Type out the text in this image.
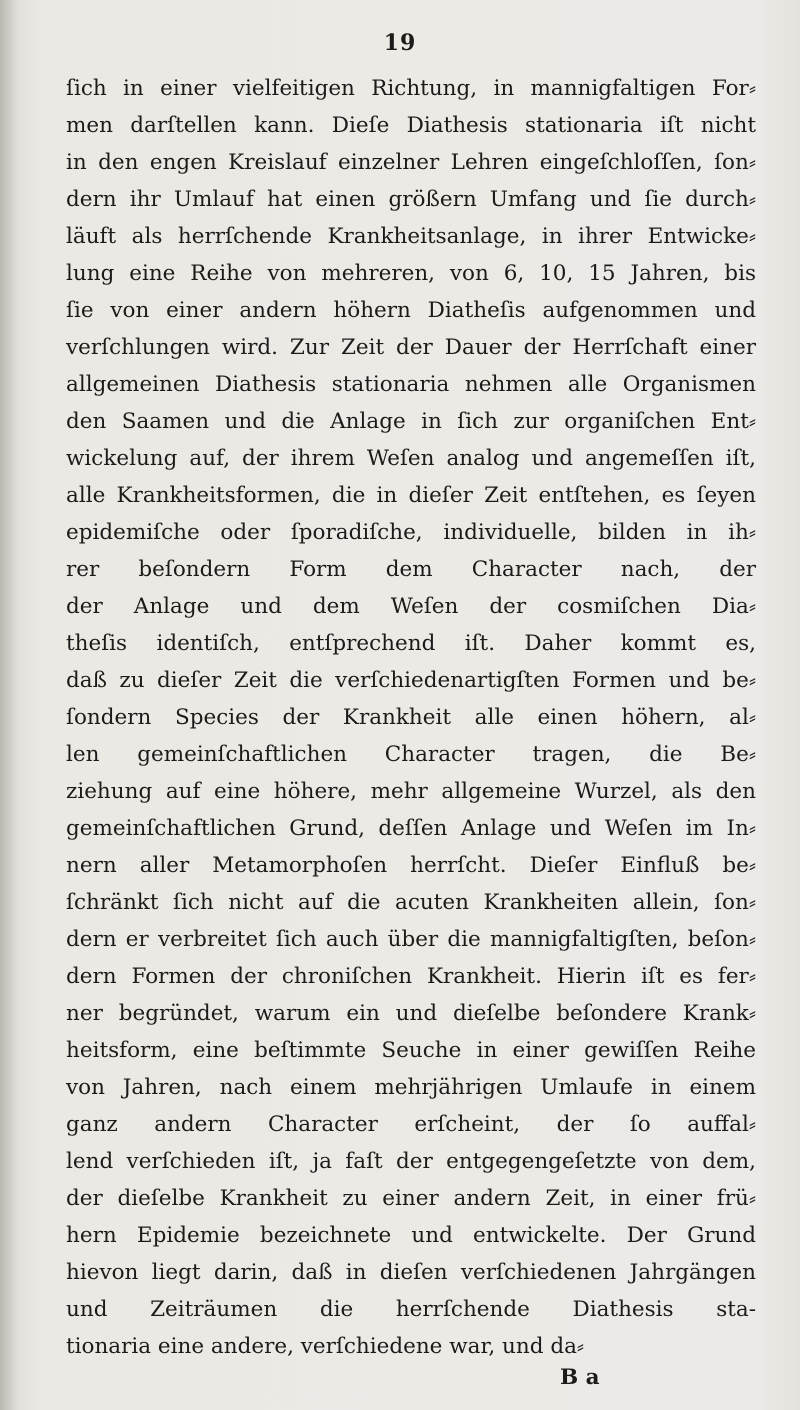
19
ſich in einer vielfeitigen Richtung, in mannigfaltigen For⸗
men darſtellen kann. Dieſe Diathesis stationaria iſt nicht
in den engen Kreislauf einzelner Lehren eingeſchloſſen, ſon⸗
dern ihr Umlauf hat einen größern Umfang und ſie durch⸗
läuft als herrſchende Krankheitsanlage, in ihrer Entwicke⸗
lung eine Reihe von mehreren, von 6, 10, 15 Jahren, bis
ſie von einer andern höhern Diatheſis aufgenommen und
verſchlungen wird. Zur Zeit der Dauer der Herrſchaft einer
allgemeinen Diathesis stationaria nehmen alle Organismen
den Saamen und die Anlage in ſich zur organiſchen Ent⸗
wickelung auf, der ihrem Weſen analog und angemeſſen iſt,
alle Krankheitsformen, die in dieſer Zeit entſtehen, es ſeyen
epidemiſche oder ſporadiſche, individuelle, bilden in ih⸗
rer beſondern Form dem Character nach, der
der Anlage und dem Weſen der cosmiſchen Dia⸗
theſis identiſch, entſprechend iſt. Daher kommt es,
daß zu dieſer Zeit die verſchiedenartigſten Formen und be⸗
ſondern Species der Krankheit alle einen höhern, al⸗
len gemeinſchaftlichen Character tragen, die Be⸗
ziehung auf eine höhere, mehr allgemeine Wurzel, als den
gemeinſchaftlichen Grund, deſſen Anlage und Weſen im In⸗
nern aller Metamorphoſen herrſcht. Dieſer Einfluß be⸗
ſchränkt ſich nicht auf die acuten Krankheiten allein, ſon⸗
dern er verbreitet ſich auch über die mannigfaltigſten, beſon⸗
dern Formen der chroniſchen Krankheit. Hierin iſt es fer⸗
ner begründet, warum ein und dieſelbe beſondere Krank⸗
heitsform, eine beſtimmte Seuche in einer gewiſſen Reihe
von Jahren, nach einem mehrjährigen Umlaufe in einem
ganz andern Character erſcheint, der ſo auffal⸗
lend verſchieden iſt, ja faſt der entgegengeſetzte von dem,
der dieſelbe Krankheit zu einer andern Zeit, in einer frü⸗
hern Epidemie bezeichnete und entwickelte. Der Grund
hievon liegt darin, daß in dieſen verſchiedenen Jahrgängen
und Zeiträumen die herrſchende Diathesis sta-
tionaria eine andere, verſchiedene war, und da⸗
B a
